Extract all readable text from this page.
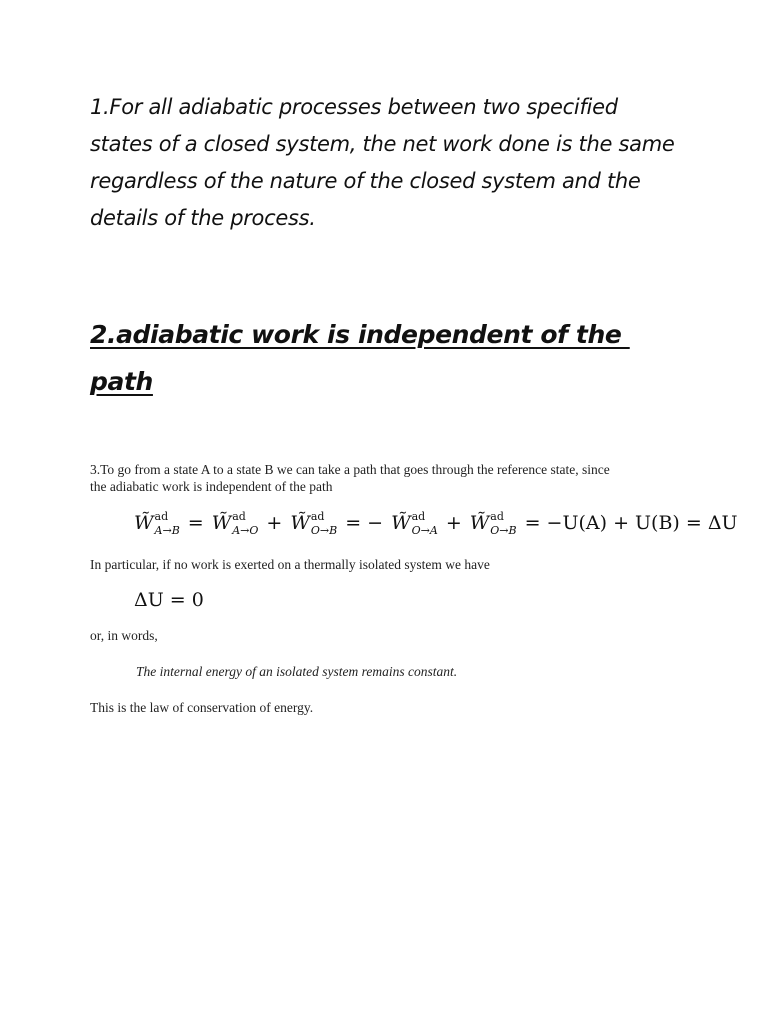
1.For all adiabatic processes between two specified
states of a closed system, the net work done is the same
regardless of the nature of the closed system and the
details of the process.
2.adiabatic work is independent of the
path
3.To go from a state A to a state B we can take a path that goes through the reference state, since
the adiabatic work is independent of the path
W̃ ad
A→B = W̃ ad
A→O + W̃ ad
O→B = − W̃ ad
O→A + W̃ ad
O→B = −U(A) + U(B) = ΔU
In particular, if no work is exerted on a thermally isolated system we have
ΔU = 0
or, in words,
The internal energy of an isolated system remains constant.
This is the law of conservation of energy.
